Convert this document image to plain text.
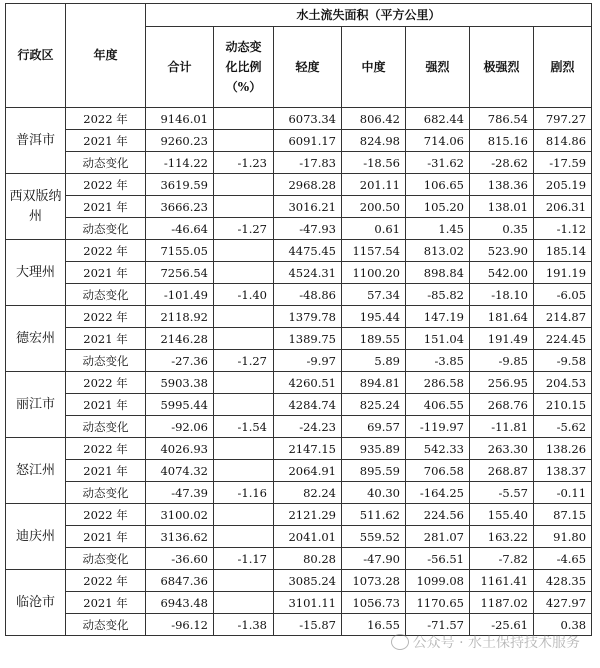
行政区	年度	水土流失面积（平方公里）						
		合计	动态变化比例（%）	轻度	中度	强烈	极强烈	剧烈
普洱市	2022 年	9146.01		6073.34	806.42	682.44	786.54	797.27
	2021 年	9260.23		6091.17	824.98	714.06	815.16	814.86
	动态变化	-114.22	-1.23	-17.83	-18.56	-31.62	-28.62	-17.59
西双版纳州	2022 年	3619.59		2968.28	201.11	106.65	138.36	205.19
	2021 年	3666.23		3016.21	200.50	105.20	138.01	206.31
	动态变化	-46.64	-1.27	-47.93	0.61	1.45	0.35	-1.12
大理州	2022 年	7155.05		4475.45	1157.54	813.02	523.90	185.14
	2021 年	7256.54		4524.31	1100.20	898.84	542.00	191.19
	动态变化	-101.49	-1.40	-48.86	57.34	-85.82	-18.10	-6.05
德宏州	2022 年	2118.92		1379.78	195.44	147.19	181.64	214.87
	2021 年	2146.28		1389.75	189.55	151.04	191.49	224.45
	动态变化	-27.36	-1.27	-9.97	5.89	-3.85	-9.85	-9.58
丽江市	2022 年	5903.38		4260.51	894.81	286.58	256.95	204.53
	2021 年	5995.44		4284.74	825.24	406.55	268.76	210.15
	动态变化	-92.06	-1.54	-24.23	69.57	-119.97	-11.81	-5.62
怒江州	2022 年	4026.93		2147.15	935.89	542.33	263.30	138.26
	2021 年	4074.32		2064.91	895.59	706.58	268.87	138.37
	动态变化	-47.39	-1.16	82.24	40.30	-164.25	-5.57	-0.11
迪庆州	2022 年	3100.02		2121.29	511.62	224.56	155.40	87.15
	2021 年	3136.62		2041.01	559.52	281.07	163.22	91.80
	动态变化	-36.60	-1.17	80.28	-47.90	-56.51	-7.82	-4.65
临沧市	2022 年	6847.36		3085.24	1073.28	1099.08	1161.41	428.35
	2021 年	6943.48		3101.11	1056.73	1170.65	1187.02	427.97
	动态变化	-96.12	-1.38	-15.87	16.55	-71.57	-25.61	0.38
公众号 · 水土保持技术服务
